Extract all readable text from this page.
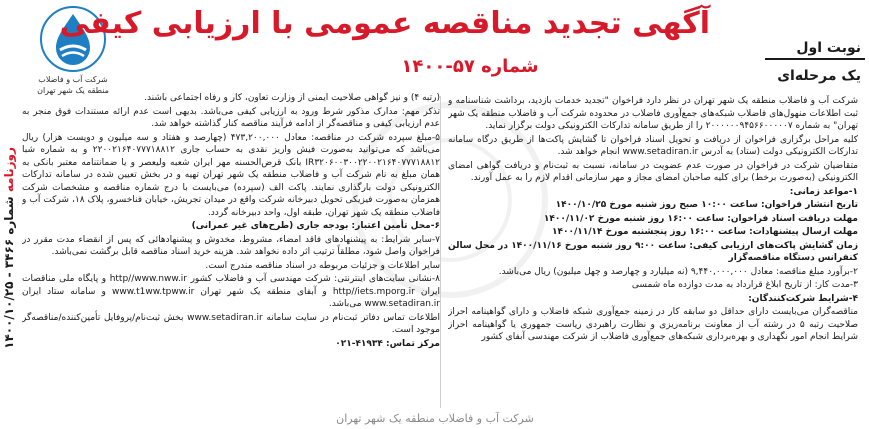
شرکت آب و فاضلاب
منطقه یک شهر تهران
آگهی تجدید مناقصه عمومی با ارزیابی کیفی
شماره ۵۷-۱۴۰۰
نوبت اول
یک مرحله‌ای
روزنامه شماره ۳۴۶۶ - ۱۴۰۰/۱۰/۲۵

شرکت آب و فاضلاب منطقه یک شهر تهران در نظر دارد فراخوان "تجدید خدمات بازدید، برداشت شناسنامه و ثبت اطلاعات منهول‌های فاضلاب شبکه‌های جمع‌آوری فاضلاب در محدوده شرکت آب و فاضلاب منطقه یک شهر تهران" به شماره ۲۰۰۰۰۰۰۹۴۵۶۶۰۰۰۰۰۷ را از طریق سامانه تدارکات الکترونیکی دولت برگزار نماید.

کلیه مراحل برگزاری فراخوان از دریافت و تحویل اسناد فراخوان تا گشایش پاکت‌ها از طریق درگاه سامانه تدارکات الکترونیکی دولت (ستاد) به آدرس www.setadiran.ir انجام خواهد شد.

متقاضیان شرکت در فراخوان در صورت عدم عضویت در سامانه، نسبت به ثبت‌نام و دریافت گواهی امضای الکترونیکی (به‌صورت برخط) برای کلیه صاحبان امضای مجاز و مهر سازمانی اقدام لازم را به عمل آورند.

۱-مواعد زمانی:

تاریخ انتشار فراخوان: ساعت ۱۰:۰۰ صبح روز شنبه مورخ ۱۴۰۰/۱۰/۲۵

مهلت دریافت اسناد فراخوان: ساعت ۱۶:۰۰ روز شنبه مورخ ۱۴۰۰/۱۱/۰۲

مهلت ارسال پیشنهادات: ساعت ۱۶:۰۰ روز پنجشنبه مورخ ۱۴۰۰/۱۱/۱۴

زمان گشایش پاکت‌های ارزیابی کیفی: ساعت ۹:۰۰ روز شنبه مورخ ۱۴۰۰/۱۱/۱۶ در محل سالن کنفرانس دستگاه مناقصه‌گزار

۲-برآورد مبلغ مناقصه: معادل ۹,۴۴۰,۰۰۰,۰۰۰ (نه میلیارد و چهارصد و چهل میلیون) ریال می‌باشد.

۳-مدت کار: از تاریخ ابلاغ قرارداد به مدت دوازده ماه شمسی

۴-شرایط شرکت‌کنندگان:

مناقصه‌گران می‌بایست دارای حداقل دو سابقه کار در زمینه جمع‌آوری شبکه فاضلاب و دارای گواهینامه احراز صلاحیت رتبه ۵ در رشته آب از معاونت برنامه‌ریزی و نظارت راهبردی ریاست جمهوری یا گواهینامه احراز شرایط انجام امور نگهداری و بهره‌برداری شبکه‌های جمع‌آوری فاضلاب از شرکت مهندسی آبفای کشور

(رتبه ۴) و نیز گواهی صلاحیت ایمنی از وزارت تعاون، کار و رفاه اجتماعی باشند.

تذکر مهم: مدارک مذکور شرط ورود به ارزیابی کیفی می‌باشد. بدیهی است عدم ارائه مستندات فوق منجر به عدم ارزیابی کیفی و مناقصه‌گر از ادامه فرآیند مناقصه کنار گذاشته خواهد شد.

۵-مبلغ سپرده شرکت در مناقصه: معادل ۴۷۳,۲۰۰,۰۰۰ (چهارصد و هفتاد و سه میلیون و دویست هزار) ریال می‌باشد که می‌توانید به‌صورت فیش واریز نقدی به حساب جاری ۲۲۰۰۲۱۶۴۰۷۷۷۱۸۸۱۲ و به شماره شبا IR۳۲۰۶۰۰۳۰۰۲۲۰۰۲۱۶۴۰۷۷۷۱۸۸۱۲ بانک قرض‌الحسنه مهر ایران شعبه ولیعصر و یا ضمانتنامه معتبر بانکی به همان مبلغ به نام شرکت آب و فاضلاب منطقه یک شهر تهران تهیه و در بخش تعیین شده در سامانه تدارکات الکترونیکی دولت بارگذاری نمایند. پاکت الف (سپرده) می‌بایست با درج شماره مناقصه و مشخصات شرکت همزمان به‌صورت فیزیکی تحویل دبیرخانه شرکت واقع در میدان تجریش، خیابان فناخسرو، پلاک ۱۸، شرکت آب و فاضلاب منطقه یک شهر تهران، طبقه اول، واحد دبیرخانه گردد.

۶-محل تأمین اعتبار: بودجه جاری (طرح‌های غیر عمرانی)

۷-سایر شرایط: به پیشنهادهای فاقد امضاء، مشروط، مخدوش و پیشنهادهائی که پس از انقضاء مدت مقرر در فراخوان واصل شود، مطلقاً ترتیب اثر داده نخواهد شد. هزینه خرید اسناد مناقصه قابل برگشت نمی‌باشد.

سایر اطلاعات و جزئیات مربوطه در اسناد مناقصه مندرج است.

۸-نشانی سایت‌های اینترنتی: شرکت مهندسی آب و فاضلاب کشور http//www.nww.ir و پایگاه ملی مناقصات ایران http//iets.mporg.ir و آبفای منطقه یک شهر تهران www.t1ww.tpww.ir و سامانه ستاد ایران www.setadiran.ir می‌باشد.

اطلاعات تماس دفاتر ثبت‌نام در سایت سامانه www.setadiran.ir بخش ثبت‌نام/پروفایل تأمین‌کننده/مناقصه‌گر موجود است.

مرکز تماس: ۴۱۹۳۴-۰۲۱

شرکت آب و فاضلاب منطقه یک شهر تهران
